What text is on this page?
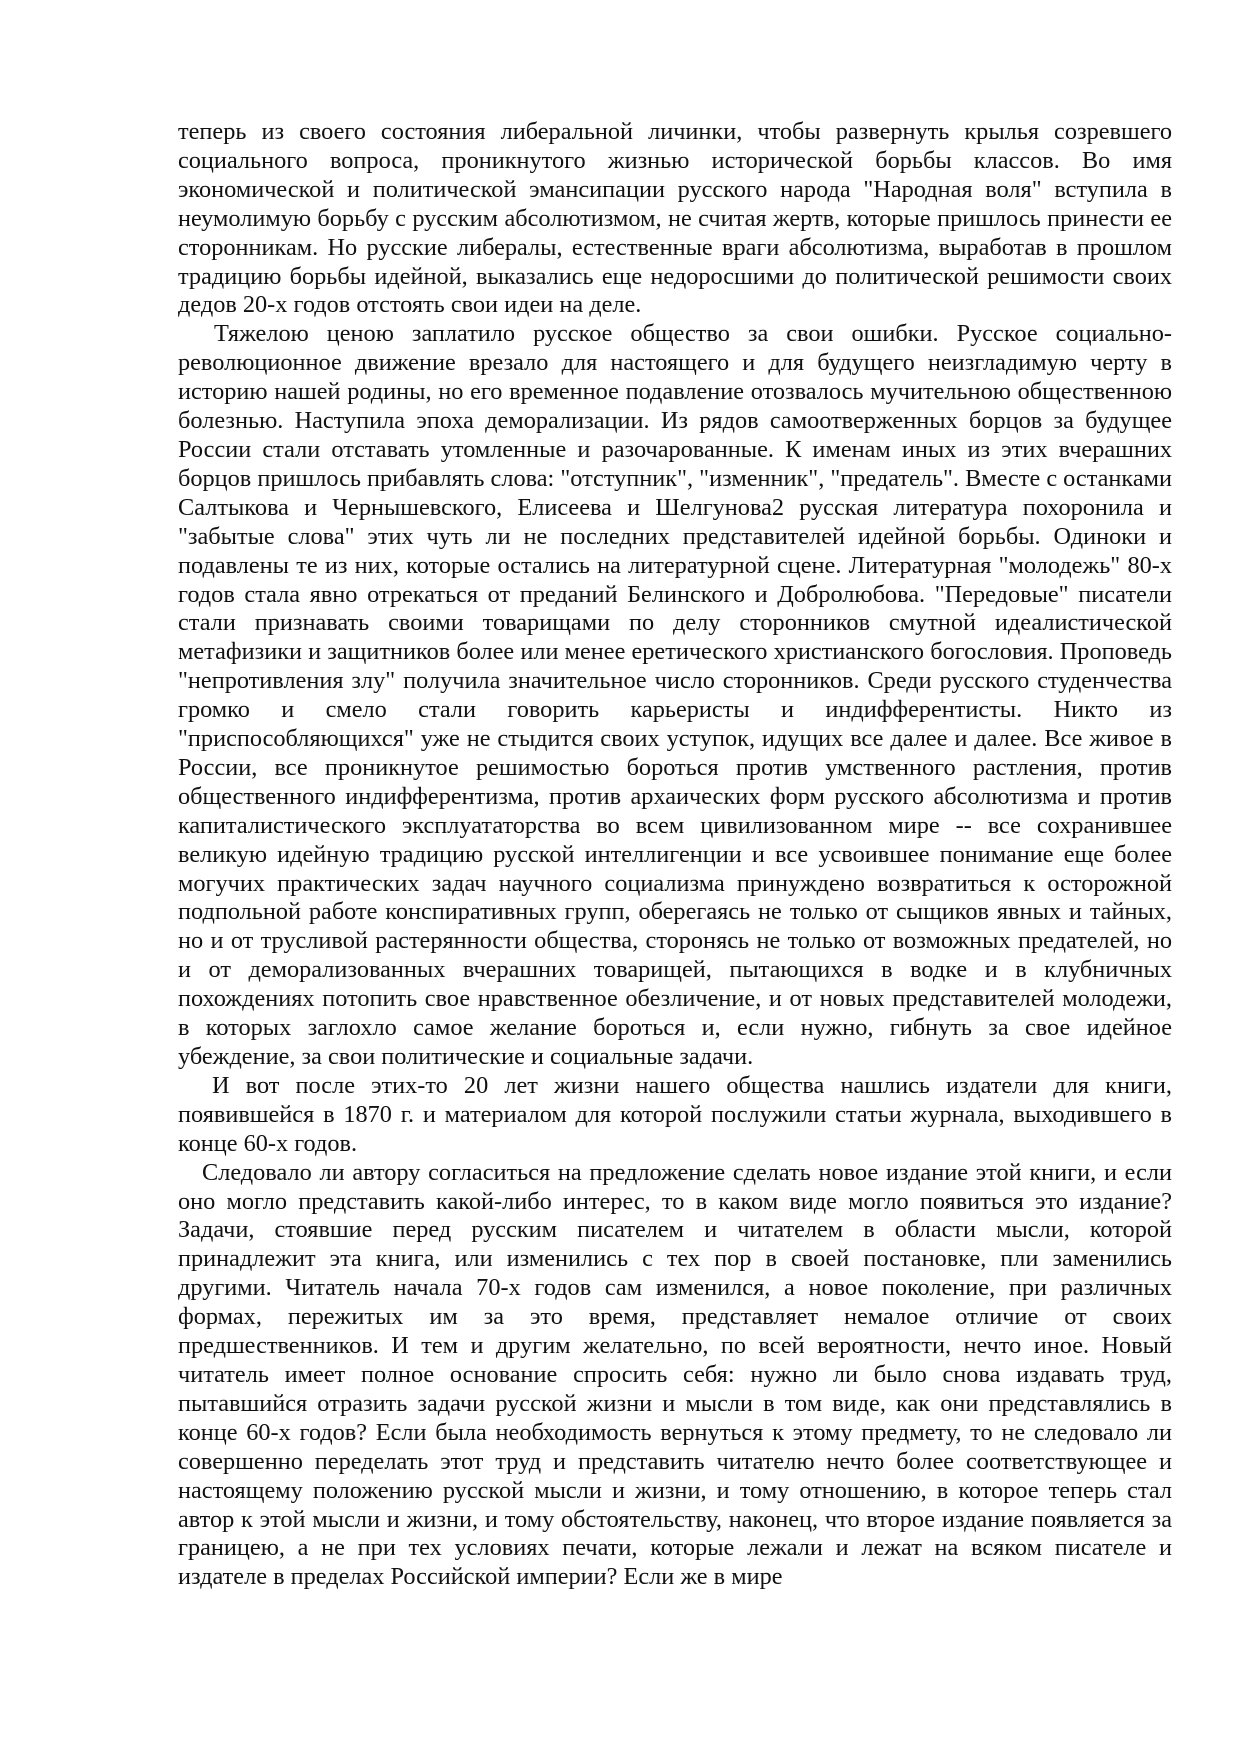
теперь из своего состояния либеральной личинки, чтобы развернуть крылья созревшего социального вопроса, проникнутого жизнью исторической борьбы классов. Во имя экономической и политической эмансипации русского народа "Народная воля" вступила в неумолимую борьбу с русским абсолютизмом, не считая жертв, которые пришлось принести ее сторонникам. Но русские либералы, естественные враги абсолютизма, выработав в прошлом традицию борьбы идейной, выказались еще недоросшими до политической решимости своих дедов 20-х годов отстоять свои идеи на деле.

Тяжелою ценою заплатило русское общество за свои ошибки. Русское социально-революционное движение врезало для настоящего и для будущего неизгладимую черту в историю нашей родины, но его временное подавление отозвалось мучительною общественною болезнью. Наступила эпоха деморализации. Из рядов самоотверженных борцов за будущее России стали отставать утомленные и разочарованные. К именам иных из этих вчерашних борцов пришлось прибавлять слова: "отступник", "изменник", "предатель". Вместе с останками Салтыкова и Чернышевского, Елисеева и Шелгунова2 русская литература похоронила и "забытые слова" этих чуть ли не последних представителей идейной борьбы. Одиноки и подавлены те из них, которые остались на литературной сцене. Литературная "молодежь" 80-х годов стала явно отрекаться от преданий Белинского и Добролюбова. "Передовые" писатели стали признавать своими товарищами по делу сторонников смутной идеалистической метафизики и защитников более или менее еретического христианского богословия. Проповедь "непротивления злу" получила значительное число сторонников. Среди русского студенчества громко и смело стали говорить карьеристы и индифферентисты. Никто из "приспособляющихся" уже не стыдится своих уступок, идущих все далее и далее. Все живое в России, все проникнутое решимостью бороться против умственного растления, против общественного индифферентизма, против архаических форм русского абсолютизма и против капиталистического эксплуататорства во всем цивилизованном мире -- все сохранившее великую идейную традицию русской интеллигенции и все усвоившее понимание еще более могучих практических задач научного социализма принуждено возвратиться к осторожной подпольной работе конспиративных групп, оберегаясь не только от сыщиков явных и тайных, но и от трусливой растерянности общества, сторонясь не только от возможных предателей, но и от деморализованных вчерашних товарищей, пытающихся в водке и в клубничных похождениях потопить свое нравственное обезличение, и от новых представителей молодежи, в которых заглохло самое желание бороться и, если нужно, гибнуть за свое идейное убеждение, за свои политические и социальные задачи.

И вот после этих-то 20 лет жизни нашего общества нашлись издатели для книги, появившейся в 1870 г. и материалом для которой послужили статьи журнала, выходившего в конце 60-х годов.

Следовало ли автору согласиться на предложение сделать новое издание этой книги, и если оно могло представить какой-либо интерес, то в каком виде могло появиться это издание? Задачи, стоявшие перед русским писателем и читателем в области мысли, которой принадлежит эта книга, или изменились с тех пор в своей постановке, пли заменились другими. Читатель начала 70-х годов сам изменился, а новое поколение, при различных формах, пережитых им за это время, представляет немалое отличие от своих предшественников. И тем и другим желательно, по всей вероятности, нечто иное. Новый читатель имеет полное основание спросить себя: нужно ли было снова издавать труд, пытавшийся отразить задачи русской жизни и мысли в том виде, как они представлялись в конце 60-х годов? Если была необходимость вернуться к этому предмету, то не следовало ли совершенно переделать этот труд и представить читателю нечто более соответствующее и настоящему положению русской мысли и жизни, и тому отношению, в которое теперь стал автор к этой мысли и жизни, и тому обстоятельству, наконец, что второе издание появляется за границею, а не при тех условиях печати, которые лежали и лежат на всяком писателе и издателе в пределах Российской империи? Если же в мире
